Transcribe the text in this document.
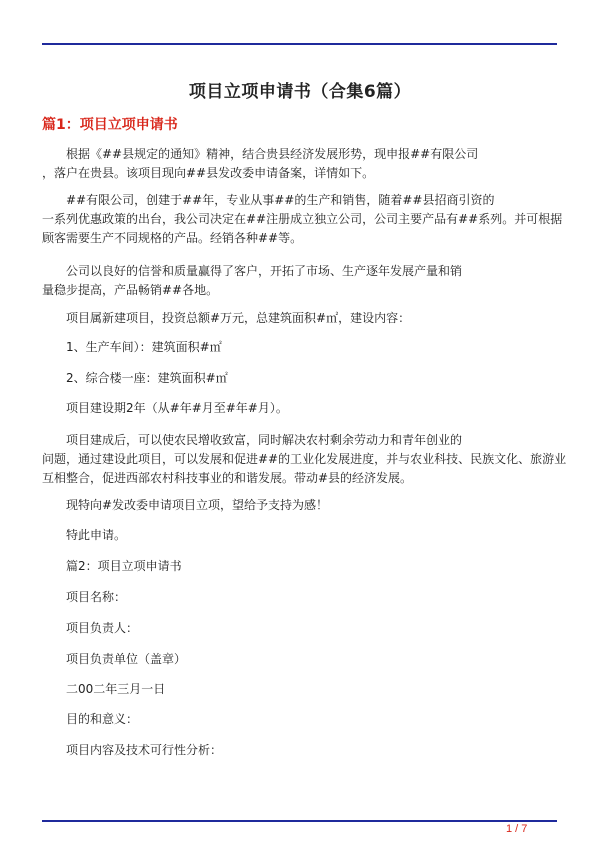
项目立项申请书（合集6篇）
篇1：项目立项申请书
根据《##县规定的通知》精神，结合贵县经济发展形势，现申报##有限公司
，落户在贵县。该项目现向##县发改委申请备案，详情如下。
##有限公司，创建于##年，专业从事##的生产和销售，随着##县招商引资的
一系列优惠政策的出台，我公司决定在##注册成立独立公司，公司主要产品有##系列。并可根据
顾客需要生产不同规格的产品。经销各种##等。
公司以良好的信誉和质量赢得了客户，开拓了市场、生产逐年发展产量和销
量稳步提高，产品畅销##各地。
项目属新建项目，投资总额#万元，总建筑面积#㎡，建设内容：
1、生产车间）：建筑面积#㎡
2、综合楼一座：建筑面积#㎡
项目建设期2年（从#年#月至#年#月）。
项目建成后，可以使农民增收致富，同时解决农村剩余劳动力和青年创业的
问题，通过建设此项目，可以发展和促进##的工业化发展进度，并与农业科技、民族文化、旅游业
互相整合，促进西部农村科技事业的和谐发展。带动#县的经济发展。
现特向#发改委申请项目立项，望给予支持为感！
特此申请。
篇2：项目立项申请书
项目名称：
项目负责人：
项目负责单位（盖章）
二00二年三月一日
目的和意义：
项目内容及技术可行性分析：
1 / 7
